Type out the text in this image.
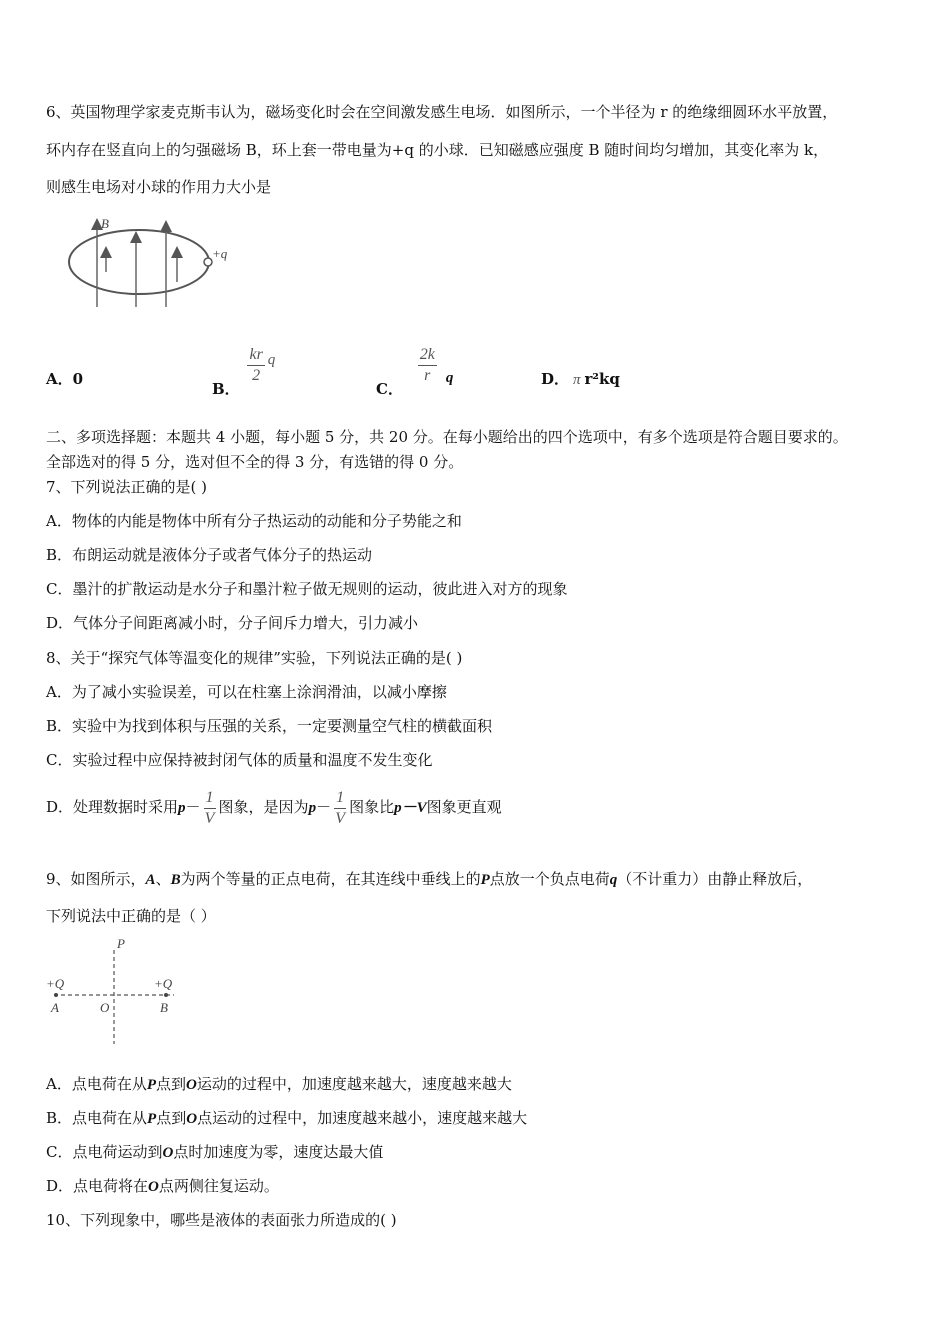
6、英国物理学家麦克斯韦认为，磁场变化时会在空间激发感生电场．如图所示，一个半径为 r 的绝缘细圆环水平放置，
环内存在竖直向上的匀强磁场 B，环上套一带电量为+q 的小球．已知磁感应强度 B 随时间均匀增加，其变化率为 k，
则感生电场对小球的作用力大小是
B
+q
A．0
B．
$\frac{kr}{2}$ q
C．
$\frac{2k}{r}$ q	D． π r²kq
二、多项选择题：本题共 4 小题，每小题 5 分，共 20 分。在每小题给出的四个选项中，有多个选项是符合题目要求的。
全部选对的得 5 分，选对但不全的得 3 分，有选错的得 0 分。
7、下列说法正确的是( )
A．物体的内能是物体中所有分子热运动的动能和分子势能之和
B．布朗运动就是液体分子或者气体分子的热运动
C．墨汁的扩散运动是水分子和墨汁粒子做无规则的运动，彼此进入对方的现象
D．气体分子间距离减小时，分子间斥力增大，引力减小
8、关于“探究气体等温变化的规律”实验，下列说法正确的是( )
A．为了减小实验误差，可以在柱塞上涂润滑油，以减小摩擦
B．实验中为找到体积与压强的关系，一定要测量空气柱的横截面积
C．实验过程中应保持被封闭气体的质量和温度不发生变化
D．处理数据时采用$p- \frac{1}{V}$ 图象，是因为$p- \frac{1}{V}$ 图象比p－V图象更直观
9、如图所示，A、B为两个等量的正点电荷，在其连线中垂线上的P点放一个负点电荷q（不计重力）由静止释放后，
下列说法中正确的是（ ）
P
+Q	+Q
A	O	B
A．点电荷在从P点到O运动的过程中，加速度越来越大，速度越来越大
B．点电荷在从P点到O点运动的过程中，加速度越来越小，速度越来越大
C．点电荷运动到O点时加速度为零，速度达最大值
D．点电荷将在O点两侧往复运动。
10、下列现象中，哪些是液体的表面张力所造成的( )
